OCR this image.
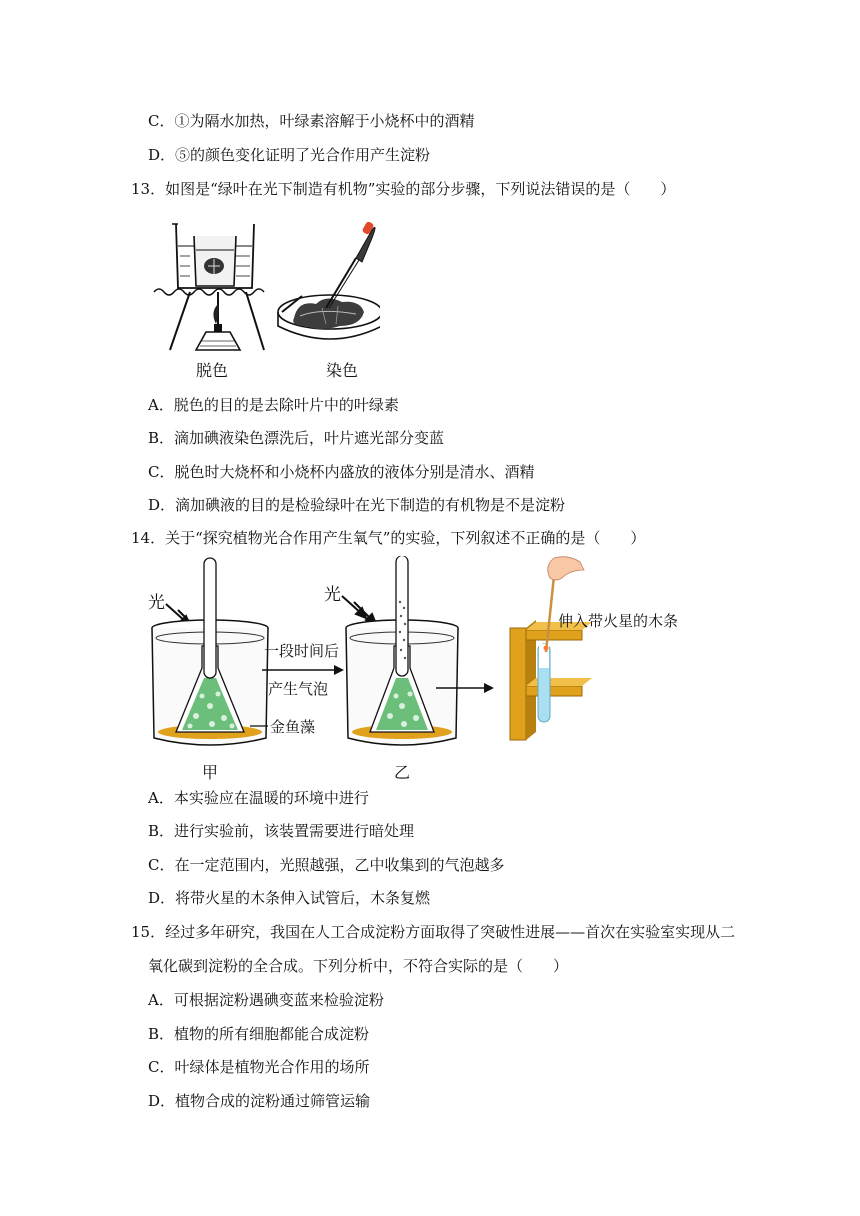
C．①为隔水加热，叶绿素溶解于小烧杯中的酒精
D．⑤的颜色变化证明了光合作用产生淀粉
13．如图是“绿叶在光下制造有机物”实验的部分步骤，下列说法错误的是（　　）
脱色	染色
A．脱色的目的是去除叶片中的叶绿素
B．滴加碘液染色漂洗后，叶片遮光部分变蓝
C．脱色时大烧杯和小烧杯内盛放的液体分别是清水、酒精
D．滴加碘液的目的是检验绿叶在光下制造的有机物是不是淀粉
14．关于“探究植物光合作用产生氧气”的实验，下列叙述不正确的是（　　）
光
一段时间后
产生气泡
金鱼藻
光
伸入带火星的木条
甲	乙
A．本实验应在温暖的环境中进行
B．进行实验前，该装置需要进行暗处理
C．在一定范围内，光照越强，乙中收集到的气泡越多
D．将带火星的木条伸入试管后，木条复燃
15．经过多年研究，我国在人工合成淀粉方面取得了突破性进展——首次在实验室实现从二
氧化碳到淀粉的全合成。下列分析中，不符合实际的是（　　）
A．可根据淀粉遇碘变蓝来检验淀粉
B．植物的所有细胞都能合成淀粉
C．叶绿体是植物光合作用的场所
D．植物合成的淀粉通过筛管运输
